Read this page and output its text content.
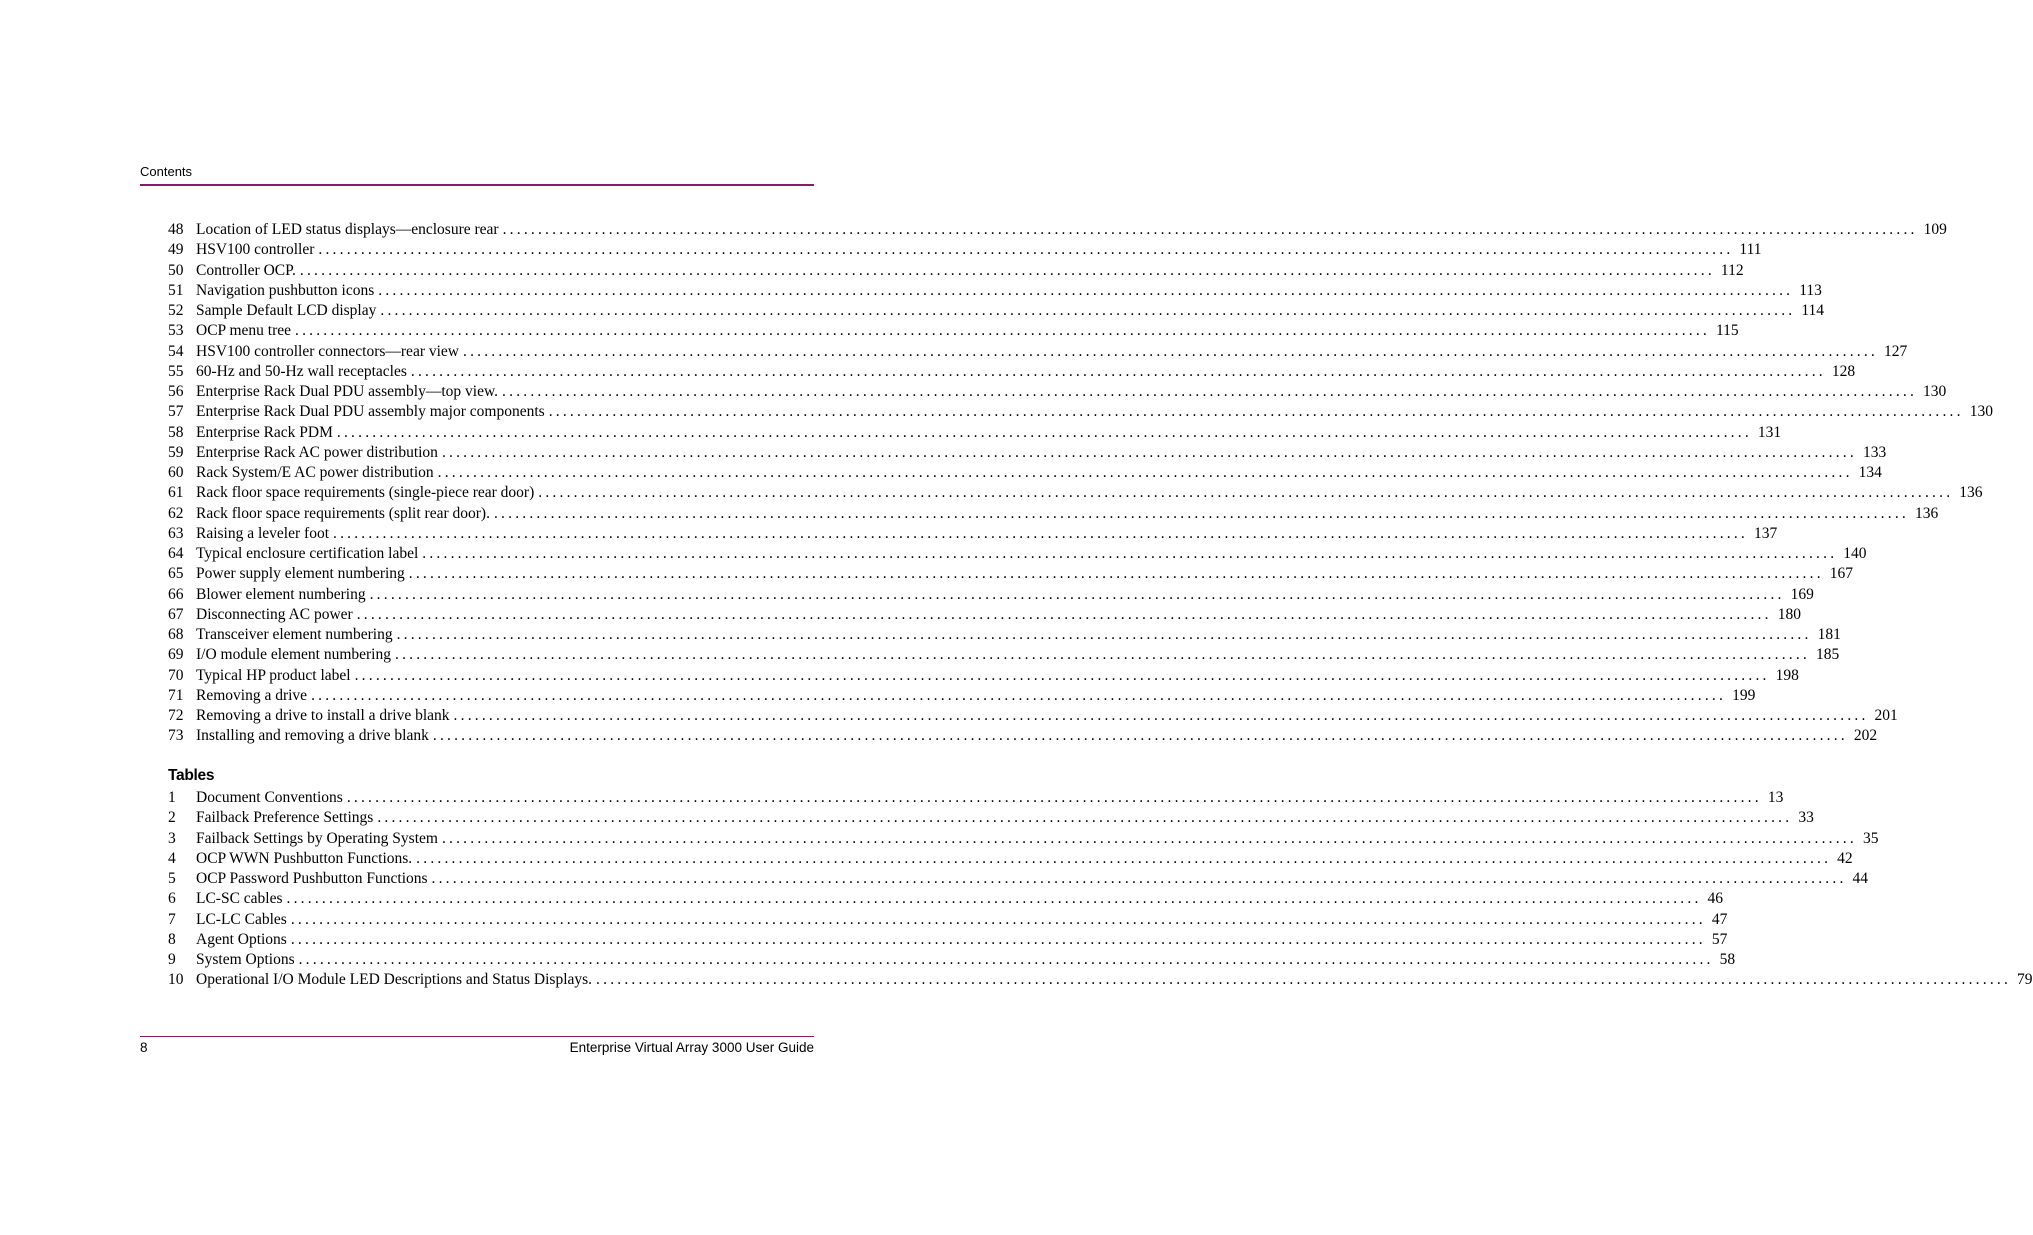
Contents
48 Location of LED status displays—enclosure rear ........................................................................................................................................................................................................ 109
49 HSV100 controller ........................................................................................................................................................................................................ 111
50 Controller OCP. ........................................................................................................................................................................................................ 112
51 Navigation pushbutton icons ........................................................................................................................................................................................................ 113
52 Sample Default LCD display ........................................................................................................................................................................................................ 114
53 OCP menu tree ........................................................................................................................................................................................................ 115
54 HSV100 controller connectors—rear view ........................................................................................................................................................................................................ 127
55 60-Hz and 50-Hz wall receptacles ........................................................................................................................................................................................................ 128
56 Enterprise Rack Dual PDU assembly—top view. ........................................................................................................................................................................................................ 130
57 Enterprise Rack Dual PDU assembly major components ........................................................................................................................................................................................................ 130
58 Enterprise Rack PDM ........................................................................................................................................................................................................ 131
59 Enterprise Rack AC power distribution ........................................................................................................................................................................................................ 133
60 Rack System/E AC power distribution ........................................................................................................................................................................................................ 134
61 Rack floor space requirements (single-piece rear door) ........................................................................................................................................................................................................ 136
62 Rack floor space requirements (split rear door). ........................................................................................................................................................................................................ 136
63 Raising a leveler foot ........................................................................................................................................................................................................ 137
64 Typical enclosure certification label ........................................................................................................................................................................................................ 140
65 Power supply element numbering ........................................................................................................................................................................................................ 167
66 Blower element numbering ........................................................................................................................................................................................................ 169
67 Disconnecting AC power ........................................................................................................................................................................................................ 180
68 Transceiver element numbering ........................................................................................................................................................................................................ 181
69 I/O module element numbering ........................................................................................................................................................................................................ 185
70 Typical HP product label ........................................................................................................................................................................................................ 198
71 Removing a drive ........................................................................................................................................................................................................ 199
72 Removing a drive to install a drive blank ........................................................................................................................................................................................................ 201
73 Installing and removing a drive blank ........................................................................................................................................................................................................ 202
Tables
1	Document Conventions ........................................................................................................................................................................................................ 13
2	Failback Preference Settings ........................................................................................................................................................................................................ 33
3	Failback Settings by Operating System ........................................................................................................................................................................................................ 35
4	OCP WWN Pushbutton Functions. ........................................................................................................................................................................................................ 42
5	OCP Password Pushbutton Functions ........................................................................................................................................................................................................ 44
6	LC-SC cables ........................................................................................................................................................................................................ 46
7	LC-LC Cables ........................................................................................................................................................................................................ 47
8	Agent Options ........................................................................................................................................................................................................ 57
9	System Options ........................................................................................................................................................................................................ 58
10 Operational I/O Module LED Descriptions and Status Displays. ........................................................................................................................................................................................................ 79
8	Enterprise Virtual Array 3000 User Guide
